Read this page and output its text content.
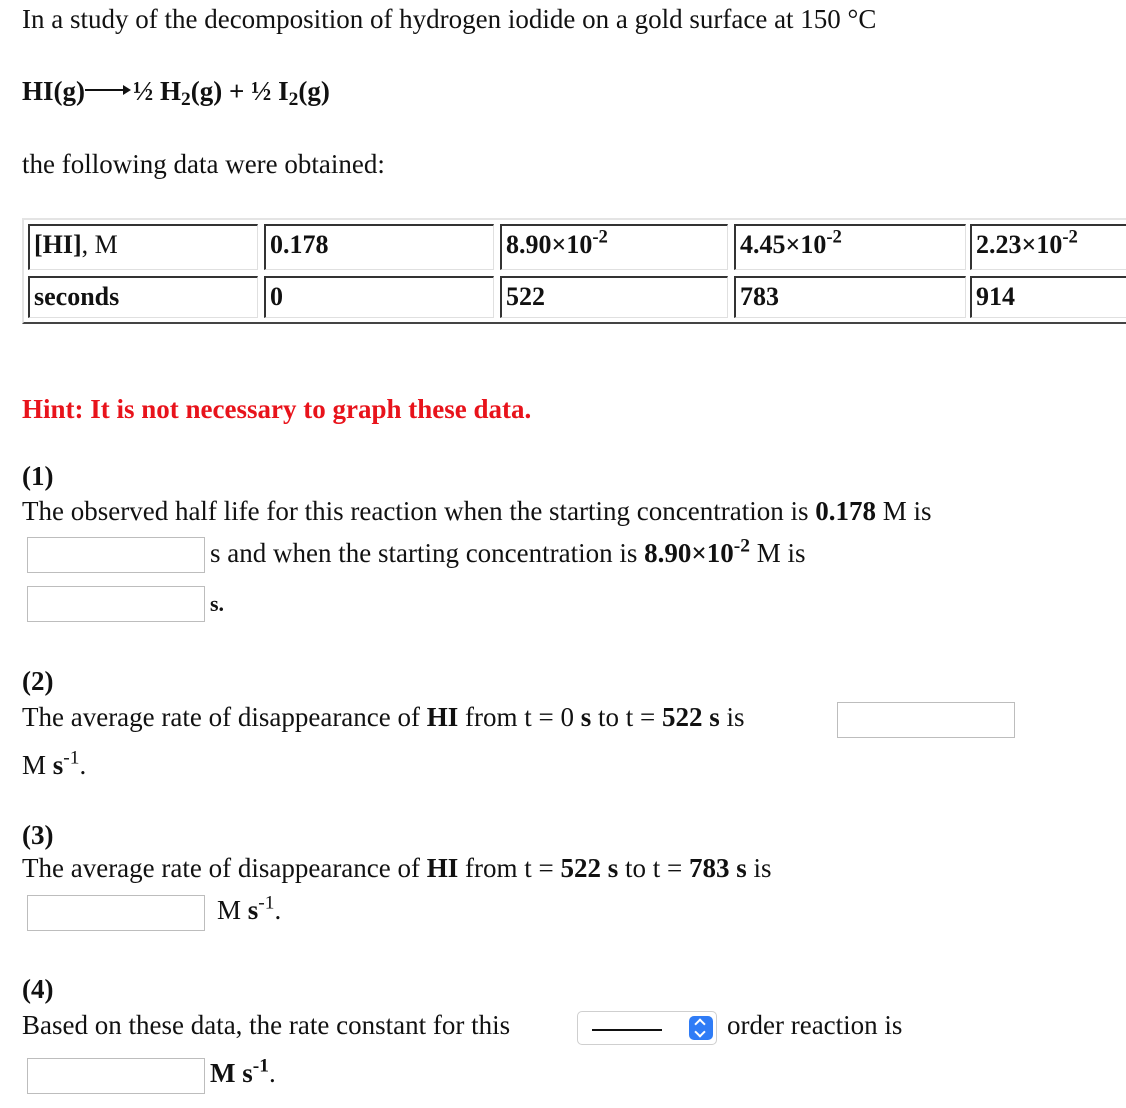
In a study of the decomposition of hydrogen iodide on a gold surface at 150 °C
HI(g)→ ½ $H_2(g)$ + ½ $I_2(g)$
the following data were obtained:
[HI], M	0.178	$8.90\times 10^{-2}$	$4.45\times 10^{-2}$	$2.23\times 10^{-2}$
seconds	0	522	783	914
Hint: It is not necessary to graph these data.
(1)
The observed half life for this reaction when the starting concentration is 0.178 M is
s and when the starting concentration is $8.90\times 10^{-2}$ M is
s.
(2)
The average rate of disappearance of HI from t = 0 s to t = 522 s is
M $s^{-1}$.
(3)
The average rate of disappearance of HI from t = 522 s to t = 783 s is
M $s^{-1}$.
(4)
Based on these data, the rate constant for this	order reaction is
M $s^{-1}$.
